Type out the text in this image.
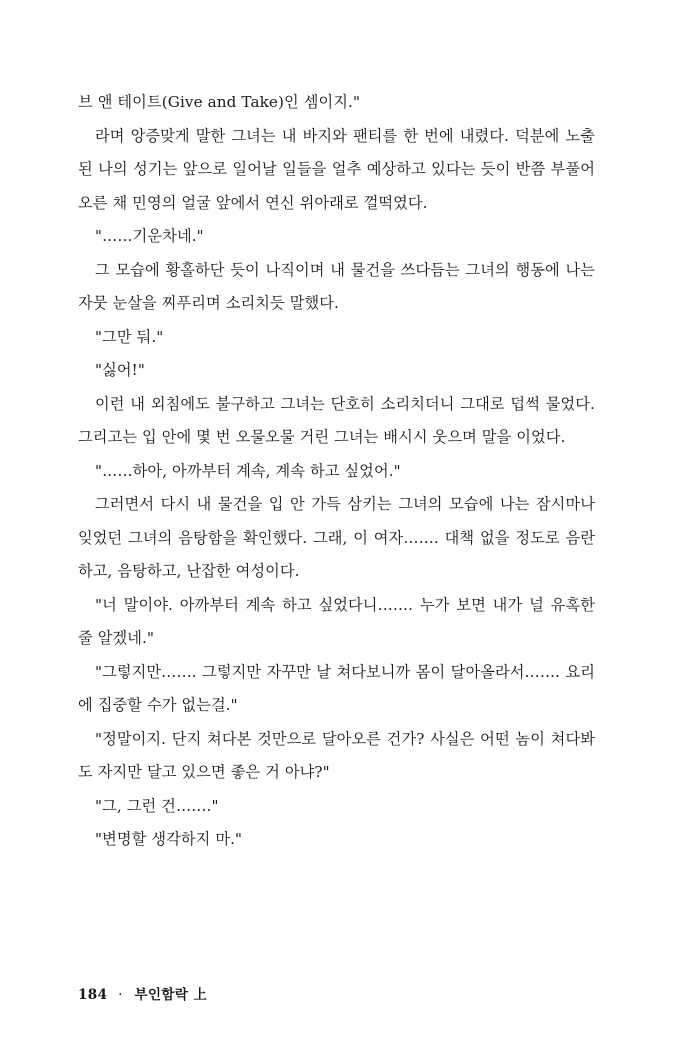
브 앤 테이트(Give and Take)인 셈이지."

라며 앙증맞게 말한 그녀는 내 바지와 팬티를 한 번에 내렸다. 덕분에 노출 된 나의 성기는 앞으로 일어날 일들을 얼추 예상하고 있다는 듯이 반쯤 부풀어 오른 채 민영의 얼굴 앞에서 연신 위아래로 껄떡였다.

"……기운차네."

그 모습에 황홀하단 듯이 나직이며 내 물건을 쓰다듬는 그녀의 행동에 나는 자뭇 눈살을 찌푸리며 소리치듯 말했다.

"그만 둬."

"싫어!"

이런 내 외침에도 불구하고 그녀는 단호히 소리치더니 그대로 덥썩 물었다. 그리고는 입 안에 몇 번 오물오물 거린 그녀는 배시시 웃으며 말을 이었다.

"……하아, 아까부터 계속, 계속 하고 싶었어."

그러면서 다시 내 물건을 입 안 가득 삼키는 그녀의 모습에 나는 잠시마나 잊었던 그녀의 음탕함을 확인했다. 그래, 이 여자……. 대책 없을 정도로 음란하고, 음탕하고, 난잡한 여성이다.

"너 말이야. 아까부터 계속 하고 싶었다니……. 누가 보면 내가 널 유혹한 줄 알겠네."

"그렇지만……. 그렇지만 자꾸만 날 쳐다보니까 몸이 달아올라서……. 요리에 집중할 수가 없는걸."

"정말이지. 단지 쳐다본 것만으로 달아오른 건가? 사실은 어떤 놈이 쳐다봐도 자지만 달고 있으면 좋은 거 아냐?"

"그, 그런 건……."

"변명할 생각하지 마."

184 · 부인함락 上
